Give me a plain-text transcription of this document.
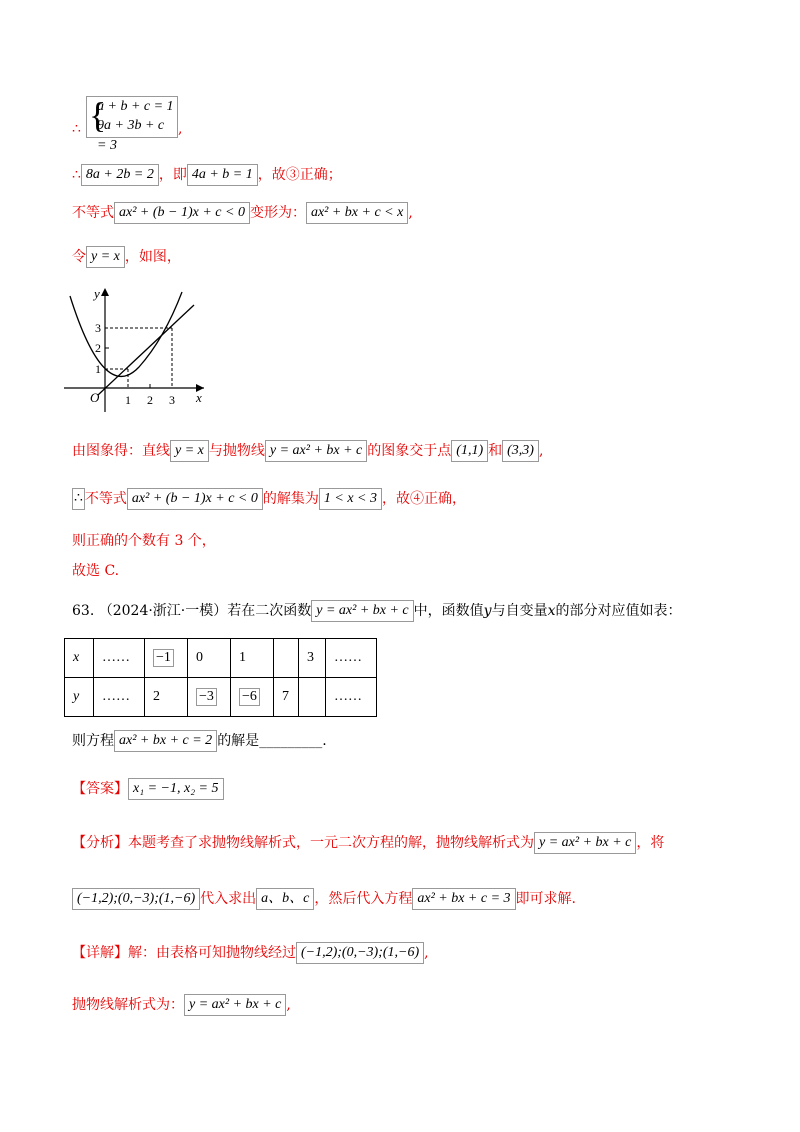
∴ {
a + b + c = 1
9a + 3b + c = 3
,
∴ 8a + 2b = 2 ，即 4a + b = 1 ，故③正确；
不等式 ax² + (b − 1)x + c < 0 变形为： ax² + bx + c < x ,
令 y = x ，如图，
y
x
O 1 2 3
1
2
3
由图象得：直线 y = x 与抛物线 y = ax² + bx + c 的图象交于点 (1,1) 和 (3,3) ,
∴ 不等式 ax² + (b − 1)x + c < 0 的解集为 1 < x < 3 ，故④正确，
则正确的个数有 3 个，
故选 C.
63. （2024·浙江·一模）若在二次函数 y = ax² + bx + c 中，函数值y与自变量x的部分对应值如表：
x	……	−1	0	1		3	……
y	……	2	−3	−6	7		……
则方程 ax² + bx + c = 2 的解是_________.
【答案】 x₁ = −1, x₂ = 5
【分析】本题考查了求抛物线解析式，一元二次方程的解，抛物线解析式为 y = ax² + bx + c ，将
(−1,2);(0,−3);(1,−6) 代入求出 a、b、c ，然后代入方程 ax² + bx + c = 3 即可求解.
【详解】解：由表格可知抛物线经过 (−1,2);(0,−3);(1,−6) ,
抛物线解析式为： y = ax² + bx + c ,
